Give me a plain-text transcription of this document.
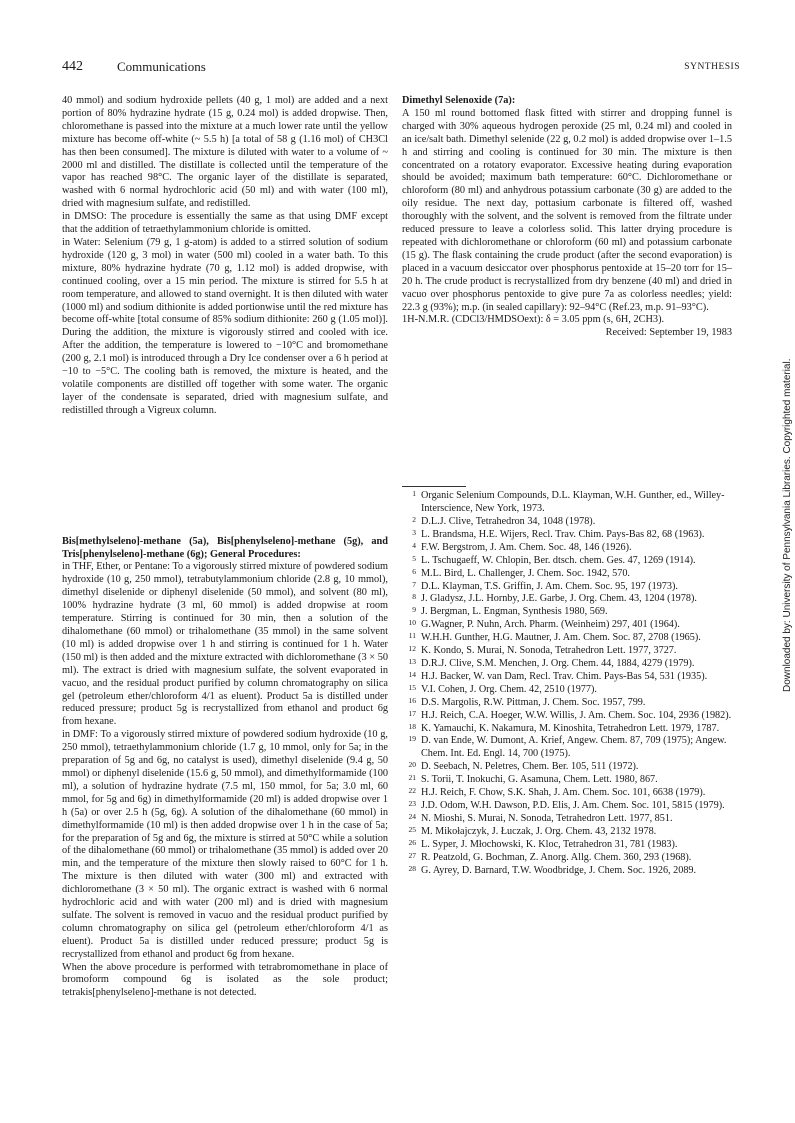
442	Communications	SYNTHESIS

40 mmol) and sodium hydroxide pellets (40 g, 1 mol) are added and a next portion of 80% hydrazine hydrate (15 g, 0.24 mol) is added dropwise. Then, chloromethane is passed into the mixture at a much lower rate until the yellow mixture has become off-white (~ 5.5 h) [a total of 58 g (1.16 mol) of CH3Cl has then been consumed]. The mixture is diluted with water to a volume of ~ 2000 ml and distilled. The distillate is collected until the temperature of the vapor has reached 98°C. The organic layer of the distillate is separated, washed with 6 normal hydrochloric acid (50 ml) and with water (100 ml), dried with magnesium sulfate, and redistilled.

in DMSO: The procedure is essentially the same as that using DMF except that the addition of tetraethylammonium chloride is omitted.

in Water: Selenium (79 g, 1 g-atom) is added to a stirred solution of sodium hydroxide (120 g, 3 mol) in water (500 ml) cooled in a water bath. To this mixture, 80% hydrazine hydrate (70 g, 1.12 mol) is added dropwise, with continued cooling, over a 15 min period. The mixture is stirred for 5.5 h at room temperature, and allowed to stand overnight. It is then diluted with water (1000 ml) and sodium dithionite is added portionwise until the red mixture has become off-white [total consume of 85% sodium dithionite: 260 g (1.05 mol)]. During the addition, the mixture is vigorously stirred and cooled with ice. After the addition, the temperature is lowered to −10°C and bromomethane (200 g, 2.1 mol) is introduced through a Dry Ice condenser over a 6 h period at −10 to −5°C. The cooling bath is removed, the mixture is heated, and the volatile components are distilled off together with some water. The organic layer of the condensate is separated, dried with magnesium sulfate, and redistilled through a Vigreux column.

Bis[methylseleno]-methane (5a), Bis[phenylseleno]-methane (5g), and Tris[phenylseleno]-methane (6g); General Procedures:

in THF, Ether, or Pentane: To a vigorously stirred mixture of powdered sodium hydroxide (10 g, 250 mmol), tetrabutylammonium chloride (2.8 g, 10 mmol), dimethyl diselenide or diphenyl diselenide (50 mmol), and solvent (80 ml), 100% hydrazine hydrate (3 ml, 60 mmol) is added dropwise at room temperature. Stirring is continued for 30 min, then a solution of the dihalomethane (60 mmol) or trihalomethane (35 mmol) in the same solvent (10 ml) is added dropwise over 1 h and stirring is continued for 1 h. Water (150 ml) is then added and the mixture extracted with dichloromethane (3 × 50 ml). The extract is dried with magnesium sulfate, the solvent evaporated in vacuo, and the residual product purified by column chromatography on silica gel (petroleum ether/chloroform 4/1 as eluent). Product 5a is distilled under reduced pressure; product 5g is recrystallized from ethanol and product 6g from hexane.

in DMF: To a vigorously stirred mixture of powdered sodium hydroxide (10 g, 250 mmol), tetraethylammonium chloride (1.7 g, 10 mmol, only for 5a; in the preparation of 5g and 6g, no catalyst is used), dimethyl diselenide (9.4 g, 50 mmol) or diphenyl diselenide (15.6 g, 50 mmol), and dimethylformamide (100 ml), a solution of hydrazine hydrate (7.5 ml, 150 mmol, for 5a; 3.0 ml, 60 mmol, for 5g and 6g) in dimethylformamide (20 ml) is added dropwise over 1 h (5a) or over 2.5 h (5g, 6g). A solution of the dihalomethane (60 mmol) in dimethylformamide (10 ml) is then added dropwise over 1 h in the case of 5a; for the preparation of 5g and 6g, the mixture is stirred at 50°C while a solution of the dihalomethane (60 mmol) or trihalomethane (35 mmol) is added over 20 min, and the temperature of the mixture then slowly raised to 60°C for 1 h. The mixture is then diluted with water (300 ml) and extracted with dichloromethane (3 × 50 ml). The organic extract is washed with 6 normal hydrochloric acid and with water (200 ml) and is dried with magnesium sulfate. The solvent is removed in vacuo and the residual product purified by column chromatography on silica gel (petroleum ether/chloroform 4/1 as eluent). Product 5a is distilled under reduced pressure; product 5g is recrystallized from ethanol and product 6g from hexane.

When the above procedure is performed with tetrabromomethane in place of bromoform compound 6g is isolated as the sole product; tetrakis[phenylseleno]-methane is not detected.

Dimethyl Selenoxide (7a):

A 150 ml round bottomed flask fitted with stirrer and dropping funnel is charged with 30% aqueous hydrogen peroxide (25 ml, 0.24 ml) and cooled in an ice/salt bath. Dimethyl selenide (22 g, 0.2 mol) is added dropwise over 1–1.5 h and stirring and cooling is continued for 30 min. The mixture is then concentrated on a rotatory evaporator. Excessive heating during evaporation should be avoided; maximum bath temperature: 60°C. Dichloromethane or chloroform (80 ml) and anhydrous potassium carbonate (30 g) are added to the oily residue. The next day, pottasium carbonate is filtered off, washed thoroughly with the solvent, and the solvent is removed from the filtrate under reduced pressure to leave a colorless solid. This latter drying procedure is repeated with dichloromethane or chloroform (60 ml) and potassium carbonate (15 g). The flask containing the crude product (after the second evaporation) is placed in a vacuum desiccator over phosphorus pentoxide at 15–20 torr for 15–20 h. The crude product is recrystallized from dry benzene (40 ml) and dried in vacuo over phosphorus pentoxide to give pure 7a as colorless needles; yield: 22.3 g (93%); m.p. (in sealed capillary): 92–94°C (Ref.23, m.p. 91–93°C).

1H-N.M.R. (CDCl3/HMDSOext): δ = 3.05 ppm (s, 6H, 2CH3).

Received: September 19, 1983

1 Organic Selenium Compounds, D.L. Klayman, W.H. Gunther, ed., Willey-Interscience, New York, 1973.
2 D.L.J. Clive, Tetrahedron 34, 1048 (1978).
3 L. Brandsma, H.E. Wijers, Recl. Trav. Chim. Pays-Bas 82, 68 (1963).
4 F.W. Bergstrom, J. Am. Chem. Soc. 48, 146 (1926).
5 L. Tschugaeff, W. Chlopin, Ber. dtsch. chem. Ges. 47, 1269 (1914).
6 M.L. Bird, L. Challenger, J. Chem. Soc. 1942, 570.
7 D.L. Klayman, T.S. Griffin, J. Am. Chem. Soc. 95, 197 (1973).
8 J. Gladysz, J.L. Hornby, J.E. Garbe, J. Org. Chem. 43, 1204 (1978).
9 J. Bergman, L. Engman, Synthesis 1980, 569.
10 G.Wagner, P. Nuhn, Arch. Pharm. (Weinheim) 297, 401 (1964).
11 W.H.H. Gunther, H.G. Mautner, J. Am. Chem. Soc. 87, 2708 (1965).
12 K. Kondo, S. Murai, N. Sonoda, Tetrahedron Lett. 1977, 3727.
13 D.R.J. Clive, S.M. Menchen, J. Org. Chem. 44, 1884, 4279 (1979).
14 H.J. Backer, W. van Dam, Recl. Trav. Chim. Pays-Bas 54, 531 (1935).
15 V.I. Cohen, J. Org. Chem. 42, 2510 (1977).
16 D.S. Margolis, R.W. Pittman, J. Chem. Soc. 1957, 799.
17 H.J. Reich, C.A. Hoeger, W.W. Willis, J. Am. Chem. Soc. 104, 2936 (1982).
18 K. Yamauchi, K. Nakamura, M. Kinoshita, Tetrahedron Lett. 1979, 1787.
19 D. van Ende, W. Dumont, A. Krief, Angew. Chem. 87, 709 (1975); Angew. Chem. Int. Ed. Engl. 14, 700 (1975).
20 D. Seebach, N. Peletres, Chem. Ber. 105, 511 (1972).
21 S. Torii, T. Inokuchi, G. Asamuna, Chem. Lett. 1980, 867.
22 H.J. Reich, F. Chow, S.K. Shah, J. Am. Chem. Soc. 101, 6638 (1979).
23 J.D. Odom, W.H. Dawson, P.D. Elis, J. Am. Chem. Soc. 101, 5815 (1979).
24 N. Mioshi, S. Murai, N. Sonoda, Tetrahedron Lett. 1977, 851.
25 M. Mikołajczyk, J. Łuczak, J. Org. Chem. 43, 2132 1978.
26 L. Syper, J. Młochowski, K. Kloc, Tetrahedron 31, 781 (1983).
27 R. Peatzold, G. Bochman, Z. Anorg. Allg. Chem. 360, 293 (1968).
28 G. Ayrey, D. Barnard, T.W. Woodbridge, J. Chem. Soc. 1926, 2089.
Downloaded by: University of Pennsylvania Libraries. Copyrighted material.
